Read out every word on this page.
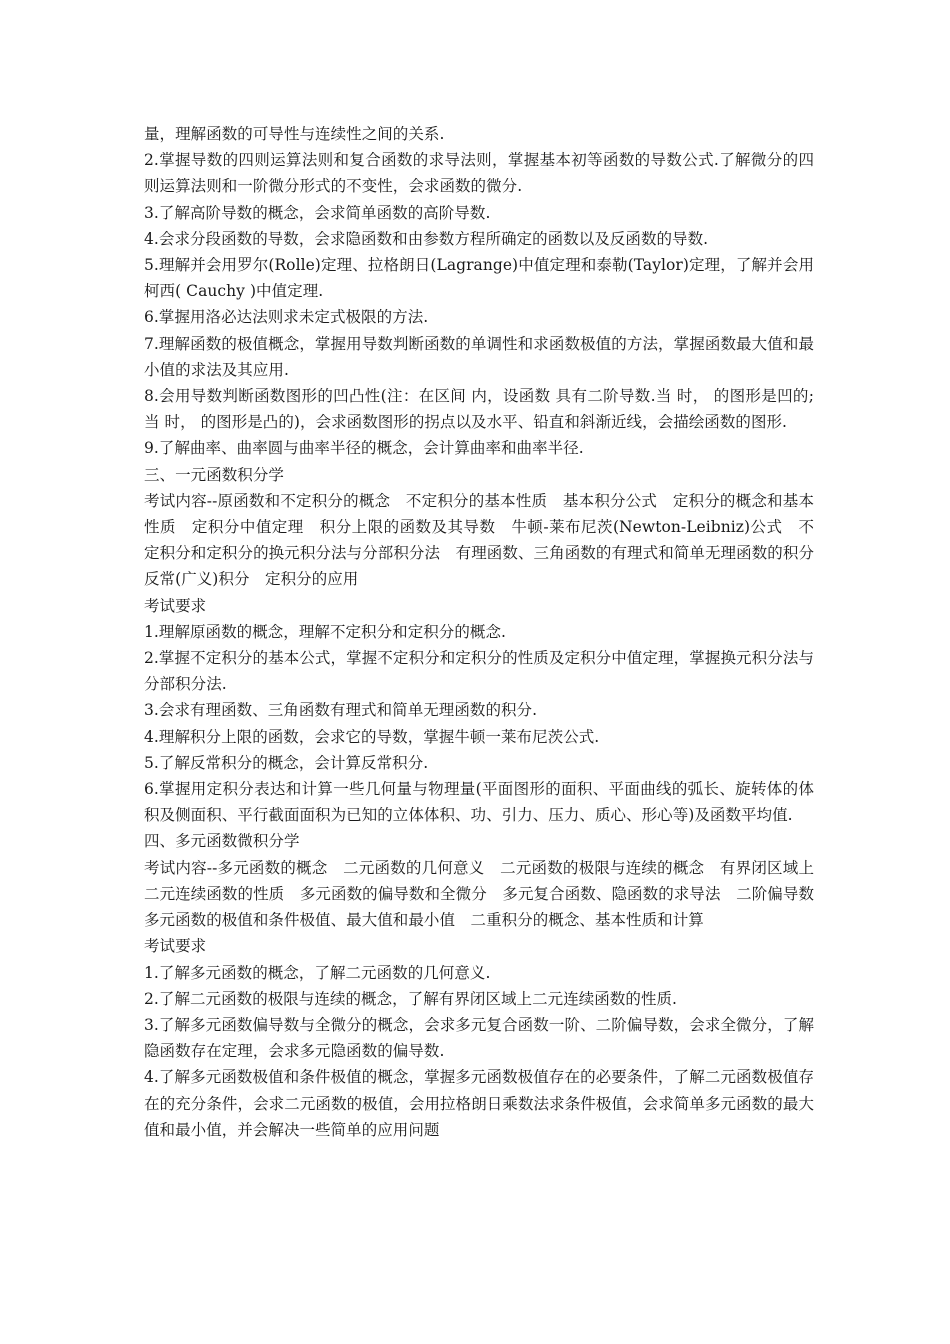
量，理解函数的可导性与连续性之间的关系.

2.掌握导数的四则运算法则和复合函数的求导法则，掌握基本初等函数的导数公式.了解微分的四则运算法则和一阶微分形式的不变性，会求函数的微分.

3.了解高阶导数的概念，会求简单函数的高阶导数.

4.会求分段函数的导数，会求隐函数和由参数方程所确定的函数以及反函数的导数.

5.理解并会用罗尔(Rolle)定理、拉格朗日(Lagrange)中值定理和泰勒(Taylor)定理，了解并会用柯西( Cauchy )中值定理.

6.掌握用洛必达法则求未定式极限的方法.

7.理解函数的极值概念，掌握用导数判断函数的单调性和求函数极值的方法，掌握函数最大值和最小值的求法及其应用.

8.会用导数判断函数图形的凹凸性(注：在区间 内，设函数 具有二阶导数.当 时， 的图形是凹的;当 时， 的图形是凸的)，会求函数图形的拐点以及水平、铅直和斜渐近线，会描绘函数的图形.

9.了解曲率、曲率圆与曲率半径的概念，会计算曲率和曲率半径.

三、一元函数积分学

考试内容--原函数和不定积分的概念　不定积分的基本性质　基本积分公式　定积分的概念和基本性质　定积分中值定理　积分上限的函数及其导数　牛顿-莱布尼茨(Newton-Leibniz)公式　不定积分和定积分的换元积分法与分部积分法　有理函数、三角函数的有理式和简单无理函数的积分　反常(广义)积分　定积分的应用

考试要求

1.理解原函数的概念，理解不定积分和定积分的概念.

2.掌握不定积分的基本公式，掌握不定积分和定积分的性质及定积分中值定理，掌握换元积分法与分部积分法.

3.会求有理函数、三角函数有理式和简单无理函数的积分.

4.理解积分上限的函数，会求它的导数，掌握牛顿一莱布尼茨公式.

5.了解反常积分的概念，会计算反常积分.

6.掌握用定积分表达和计算一些几何量与物理量(平面图形的面积、平面曲线的弧长、旋转体的体积及侧面积、平行截面面积为已知的立体体积、功、引力、压力、质心、形心等)及函数平均值.

四、多元函数微积分学

考试内容--多元函数的概念　二元函数的几何意义　二元函数的极限与连续的概念　有界闭区域上二元连续函数的性质　多元函数的偏导数和全微分　多元复合函数、隐函数的求导法　二阶偏导数　多元函数的极值和条件极值、最大值和最小值　二重积分的概念、基本性质和计算

考试要求

1.了解多元函数的概念，了解二元函数的几何意义.

2.了解二元函数的极限与连续的概念，了解有界闭区域上二元连续函数的性质.

3.了解多元函数偏导数与全微分的概念，会求多元复合函数一阶、二阶偏导数，会求全微分，了解隐函数存在定理，会求多元隐函数的偏导数.

4.了解多元函数极值和条件极值的概念，掌握多元函数极值存在的必要条件，了解二元函数极值存在的充分条件，会求二元函数的极值，会用拉格朗日乘数法求条件极值，会求简单多元函数的最大值和最小值，并会解决一些简单的应用问题
